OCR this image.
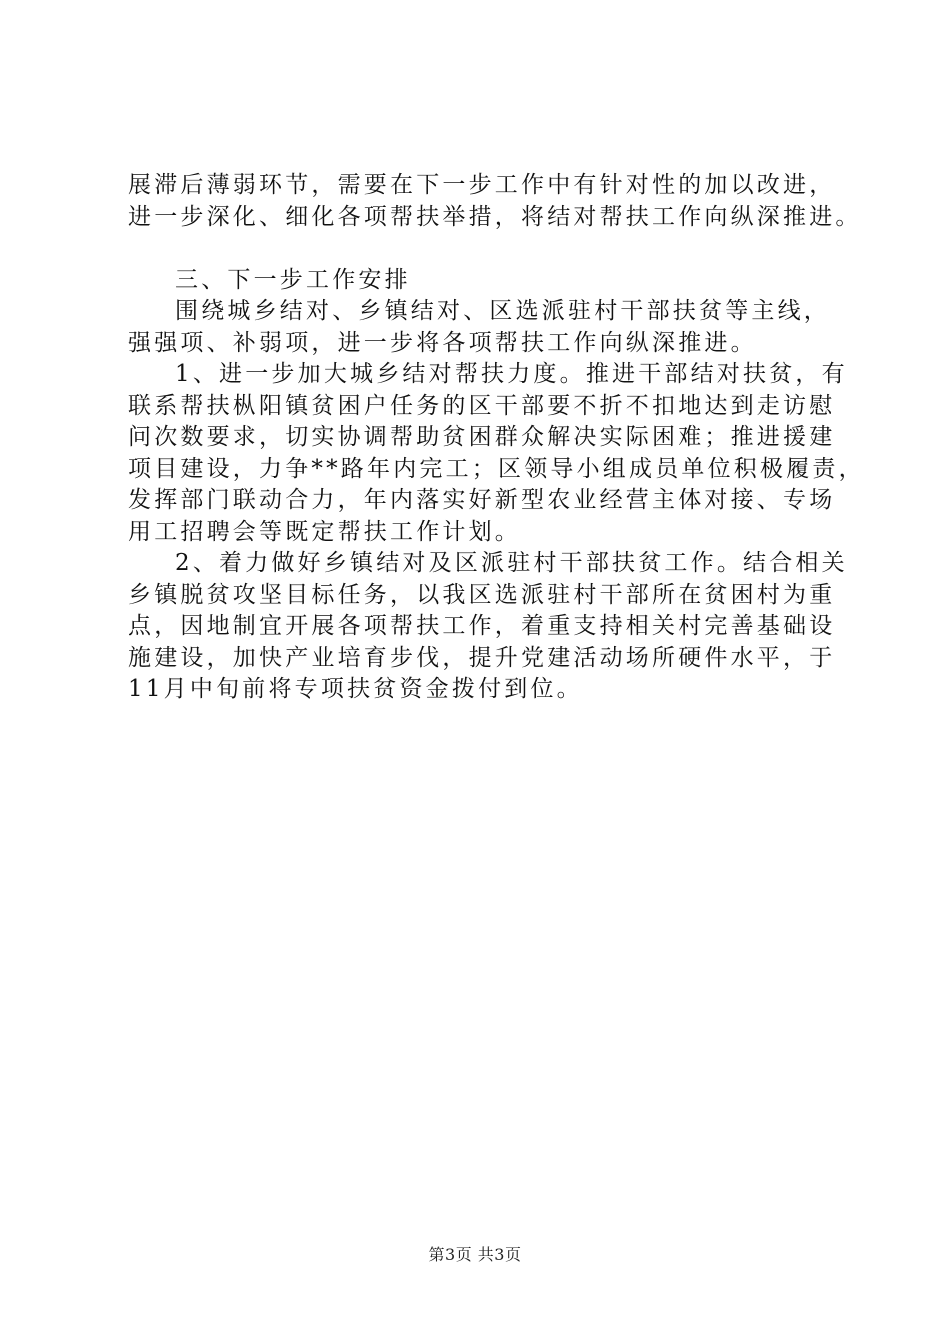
展滞后薄弱环节，需要在下一步工作中有针对性的加以改进，

进一步深化、细化各项帮扶举措，将结对帮扶工作向纵深推进。

三、下一步工作安排

围绕城乡结对、乡镇结对、区选派驻村干部扶贫等主线，

强强项、补弱项，进一步将各项帮扶工作向纵深推进。

1、进一步加大城乡结对帮扶力度。推进干部结对扶贫，有

联系帮扶枞阳镇贫困户任务的区干部要不折不扣地达到走访慰

问次数要求，切实协调帮助贫困群众解决实际困难；推进援建

项目建设，力争**路年内完工；区领导小组成员单位积极履责，

发挥部门联动合力，年内落实好新型农业经营主体对接、专场

用工招聘会等既定帮扶工作计划。

2、着力做好乡镇结对及区派驻村干部扶贫工作。结合相关

乡镇脱贫攻坚目标任务，以我区选派驻村干部所在贫困村为重

点，因地制宜开展各项帮扶工作，着重支持相关村完善基础设

施建设，加快产业培育步伐，提升党建活动场所硬件水平，于

11月中旬前将专项扶贫资金拨付到位。

第3页 共3页
